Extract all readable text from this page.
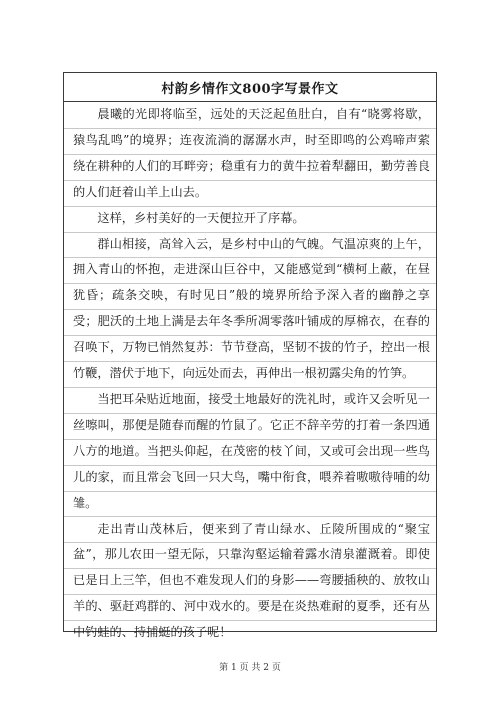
村韵乡情作文800字写景作文

晨曦的光即将临至，远处的天泛起鱼肚白，自有“晓雾将歇，猿鸟乱鸣”的境界；连夜流淌的潺潺水声，时至即鸣的公鸡啼声萦绕在耕种的人们的耳畔旁；稳重有力的黄牛拉着犁翻田，勤劳善良的人们赶着山羊上山去。

这样，乡村美好的一天便拉开了序幕。

群山相接，高耸入云，是乡村中山的气魄。气温凉爽的上午，拥入青山的怀抱，走进深山巨谷中，又能感觉到“横柯上蔽，在昼犹昏；疏条交映，有时见日”般的境界所给予深入者的幽静之享受；肥沃的土地上满是去年冬季所凋零落叶铺成的厚棉衣，在春的召唤下，万物已悄然复苏：节节登高，坚韧不拔的竹子，控出一根竹鞭，潜伏于地下，向远处而去，再伸出一根初露尖角的竹笋。

当把耳朵贴近地面，接受土地最好的洗礼时，或许又会听见一丝嚓叫，那便是随春而醒的竹鼠了。它正不辞辛劳的打着一条四通八方的地道。当把头仰起，在茂密的枝丫间，又或可会出现一些鸟儿的家，而且常会飞回一只大鸟，嘴中衔食，喂养着嗷嗷待哺的幼雏。

走出青山茂林后，便来到了青山绿水、丘陵所围成的“聚宝盆”，那儿农田一望无际，只靠沟壑运输着露水清泉灌溉着。即使已是日上三竿，但也不难发现人们的身影——弯腰插秧的、放牧山羊的、驱赶鸡群的、河中戏水的。要是在炎热难耐的夏季，还有丛中钓蛙的、持捕蜓的孩子呢！

第 1 页 共 2 页
